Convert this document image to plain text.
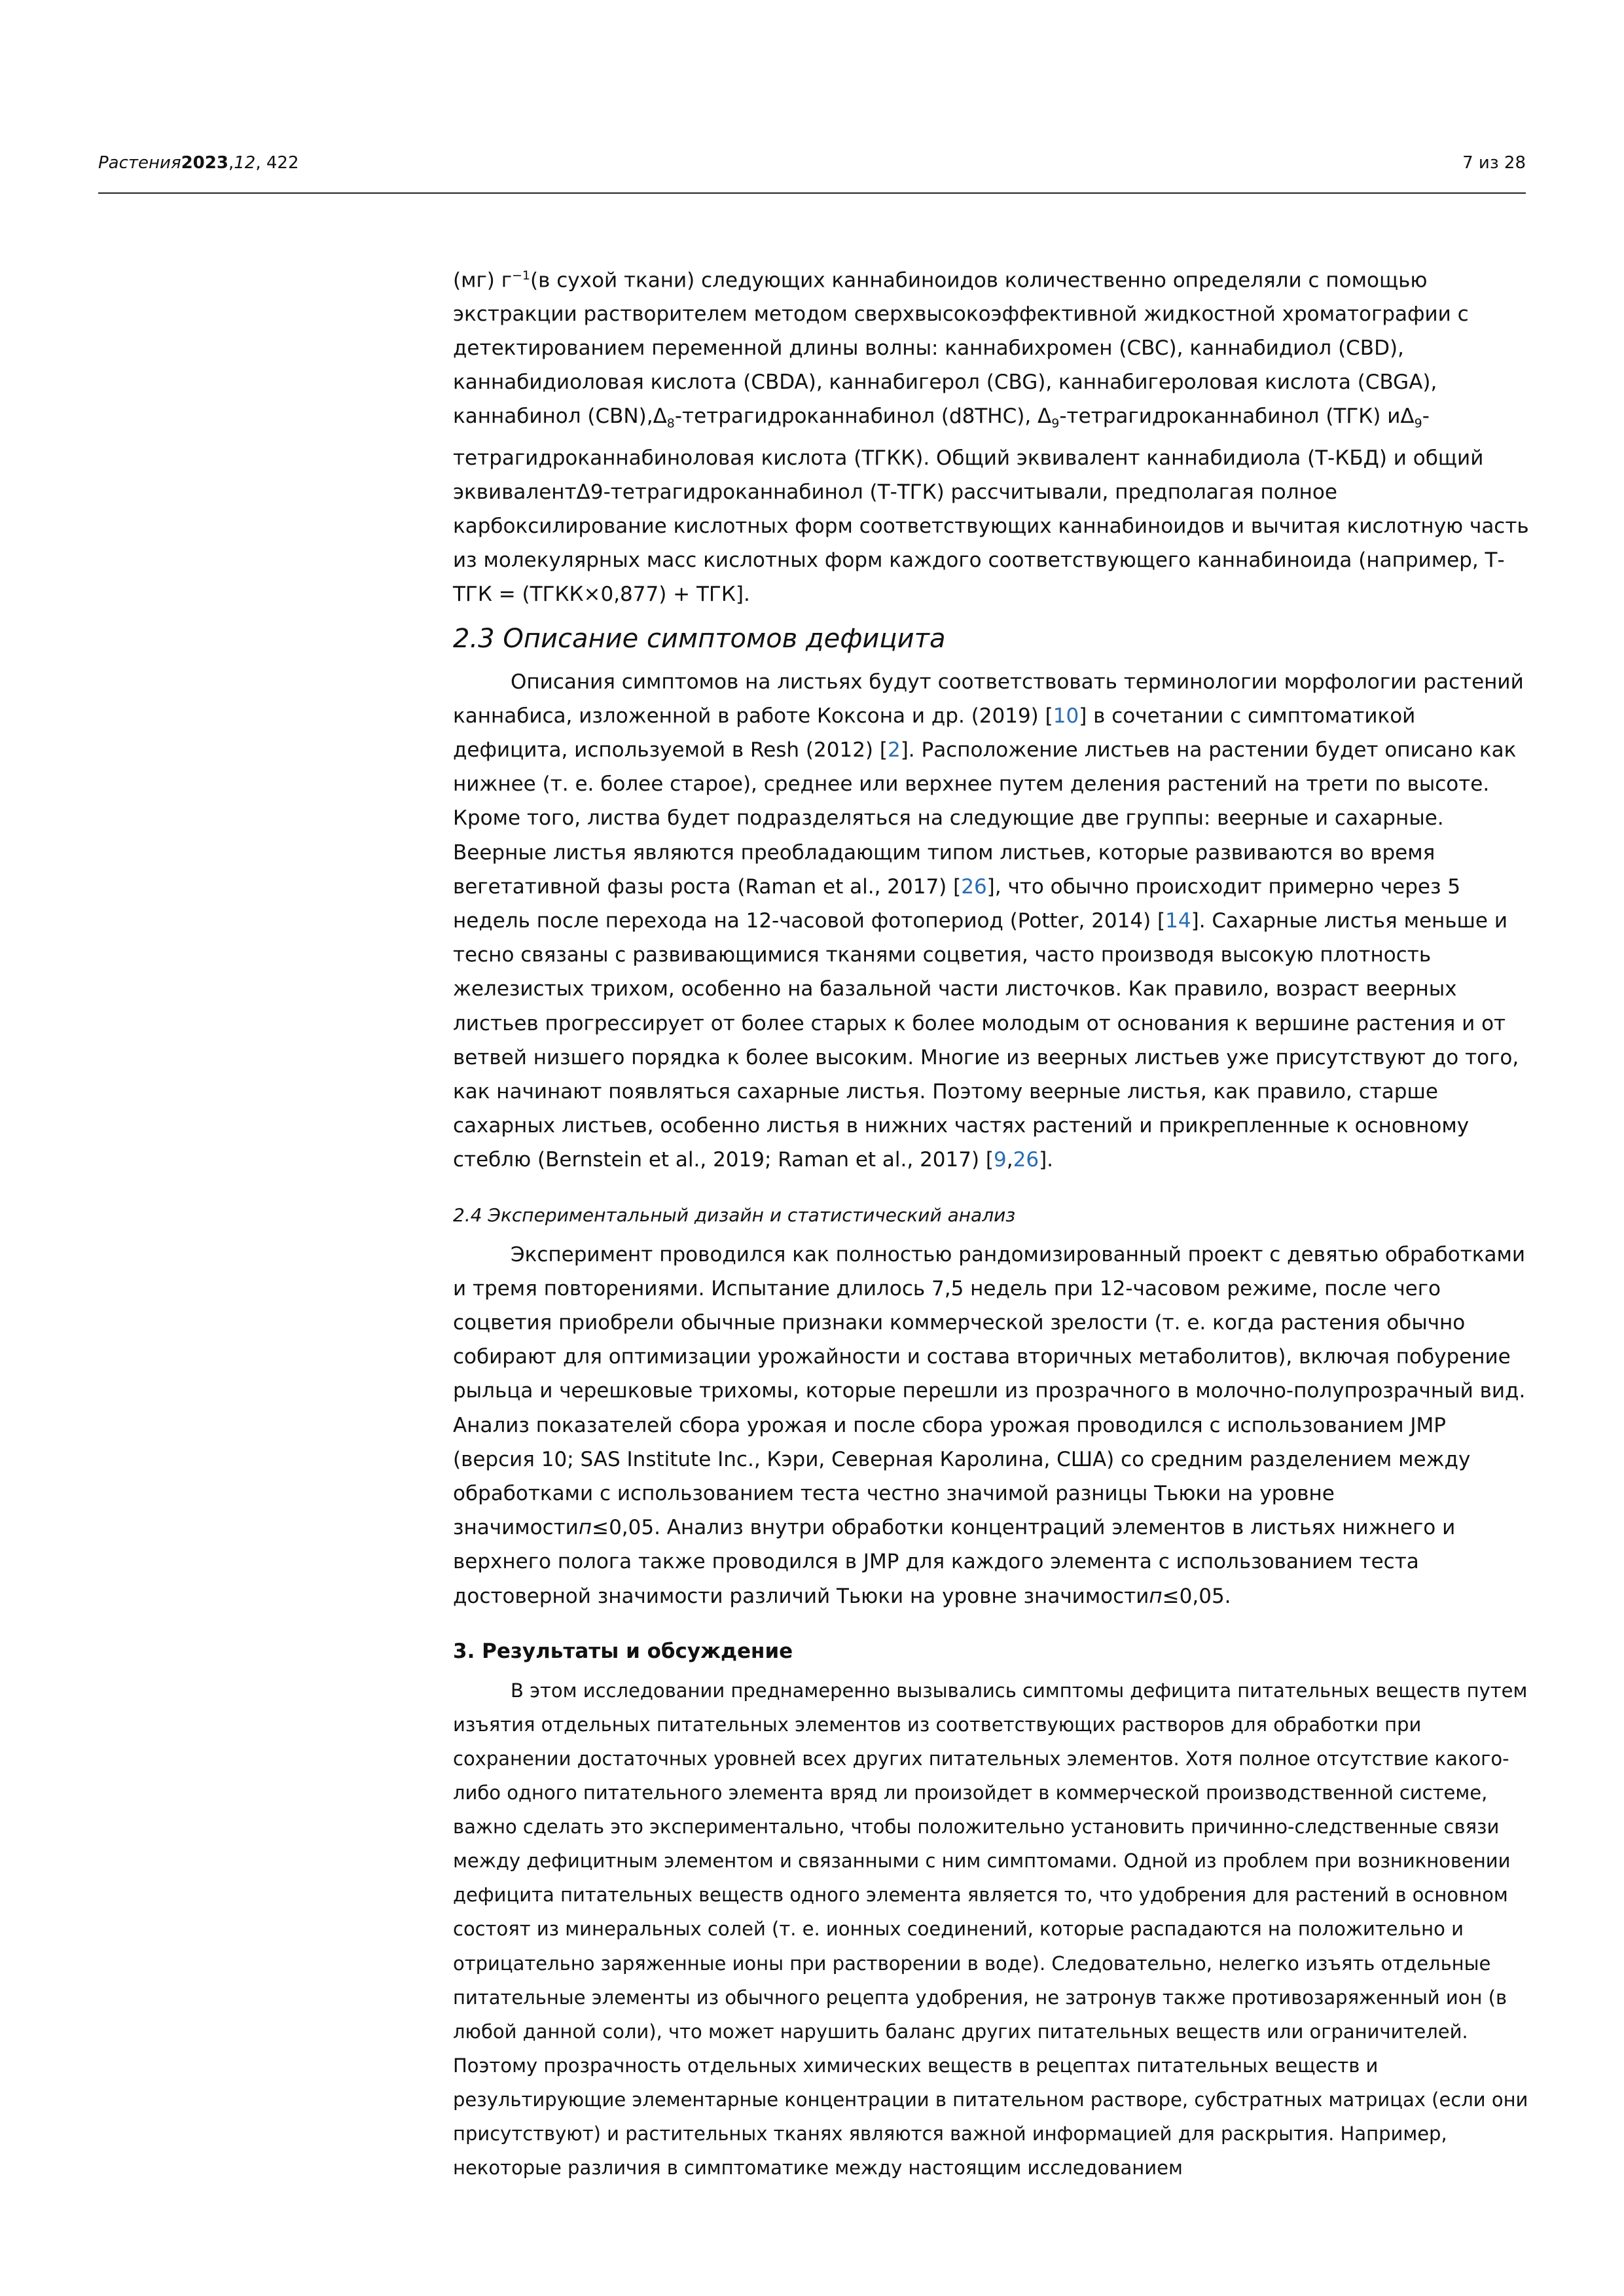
Растения2023,12, 422	7 из 28

(мг) $г^{-1}(в$ сухой ткани) следующих каннабиноидов количественно определяли с помощью экстракции растворителем методом сверхвысокоэффективной жидкостной хроматографии с детектированием переменной длины волны: каннабихромен (CBC), каннабидиол (CBD), каннабидиоловая кислота (CBDA), каннабигерол (CBG), каннабигероловая кислота (CBGA), каннабинол $(CBN),\Delta_8$-тетрагидроканнабинол (d8THC), $\Delta_9$-тетрагидроканнабинол (ТГК) $и\Delta_9$-тетрагидроканнабиноловая кислота (ТГКК). Общий эквивалент каннабидиола (Т-КБД) и общий эквивалентΔ9-тетрагидроканнабинол (Т-ТГК) рассчитывали, предполагая полное карбоксилирование кислотных форм соответствующих каннабиноидов и вычитая кислотную часть из молекулярных масс кислотных форм каждого соответствующего каннабиноида (например, Т-ТГК = (ТГКК×0,877) + ТГК].

2.3 Описание симптомов дефицита

Описания симптомов на листьях будут соответствовать терминологии морфологии растений каннабиса, изложенной в работе Коксона и др. (2019) [10] в сочетании с симптоматикой дефицита, используемой в Resh (2012) [2]. Расположение листьев на растении будет описано как нижнее (т. е. более старое), среднее или верхнее путем деления растений на трети по высоте. Кроме того, листва будет подразделяться на следующие две группы: веерные и сахарные. Веерные листья являются преобладающим типом листьев, которые развиваются во время вегетативной фазы роста (Raman et al., 2017) [26], что обычно происходит примерно через 5 недель после перехода на 12-часовой фотопериод (Potter, 2014) [14]. Сахарные листья меньше и тесно связаны с развивающимися тканями соцветия, часто производя высокую плотность железистых трихом, особенно на базальной части листочков. Как правило, возраст веерных листьев прогрессирует от более старых к более молодым от основания к вершине растения и от ветвей низшего порядка к более высоким. Многие из веерных листьев уже присутствуют до того, как начинают появляться сахарные листья. Поэтому веерные листья, как правило, старше сахарных листьев, особенно листья в нижних частях растений и прикрепленные к основному стеблю (Bernstein et al., 2019; Raman et al., 2017) [9,26].

2.4 Экспериментальный дизайн и статистический анализ

Эксперимент проводился как полностью рандомизированный проект с девятью обработками и тремя повторениями. Испытание длилось 7,5 недель при 12-часовом режиме, после чего соцветия приобрели обычные признаки коммерческой зрелости (т. е. когда растения обычно собирают для оптимизации урожайности и состава вторичных метаболитов), включая побурение рыльца и черешковые трихомы, которые перешли из прозрачного в молочно-полупрозрачный вид. Анализ показателей сбора урожая и после сбора урожая проводился с использованием JMP (версия 10; SAS Institute Inc., Кэри, Северная Каролина, США) со средним разделением между обработками с использованием теста честно значимой разницы Тьюки на уровне значимостип≤0,05. Анализ внутри обработки концентраций элементов в листьях нижнего и верхнего полога также проводился в JMP для каждого элемента с использованием теста достоверной значимости различий Тьюки на уровне значимостип≤0,05.

3. Результаты и обсуждение

В этом исследовании преднамеренно вызывались симптомы дефицита питательных веществ путем изъятия отдельных питательных элементов из соответствующих растворов для обработки при сохранении достаточных уровней всех других питательных элементов. Хотя полное отсутствие какого-либо одного питательного элемента вряд ли произойдет в коммерческой производственной системе, важно сделать это экспериментально, чтобы положительно установить причинно-следственные связи между дефицитным элементом и связанными с ним симптомами. Одной из проблем при возникновении дефицита питательных веществ одного элемента является то, что удобрения для растений в основном состоят из минеральных солей (т. е. ионных соединений, которые распадаются на положительно и отрицательно заряженные ионы при растворении в воде). Следовательно, нелегко изъять отдельные питательные элементы из обычного рецепта удобрения, не затронув также противозаряженный ион (в любой данной соли), что может нарушить баланс других питательных веществ или ограничителей. Поэтому прозрачность отдельных химических веществ в рецептах питательных веществ и результирующие элементарные концентрации в питательном растворе, субстратных матрицах (если они присутствуют) и растительных тканях являются важной информацией для раскрытия. Например, некоторые различия в симптоматике между настоящим исследованием
